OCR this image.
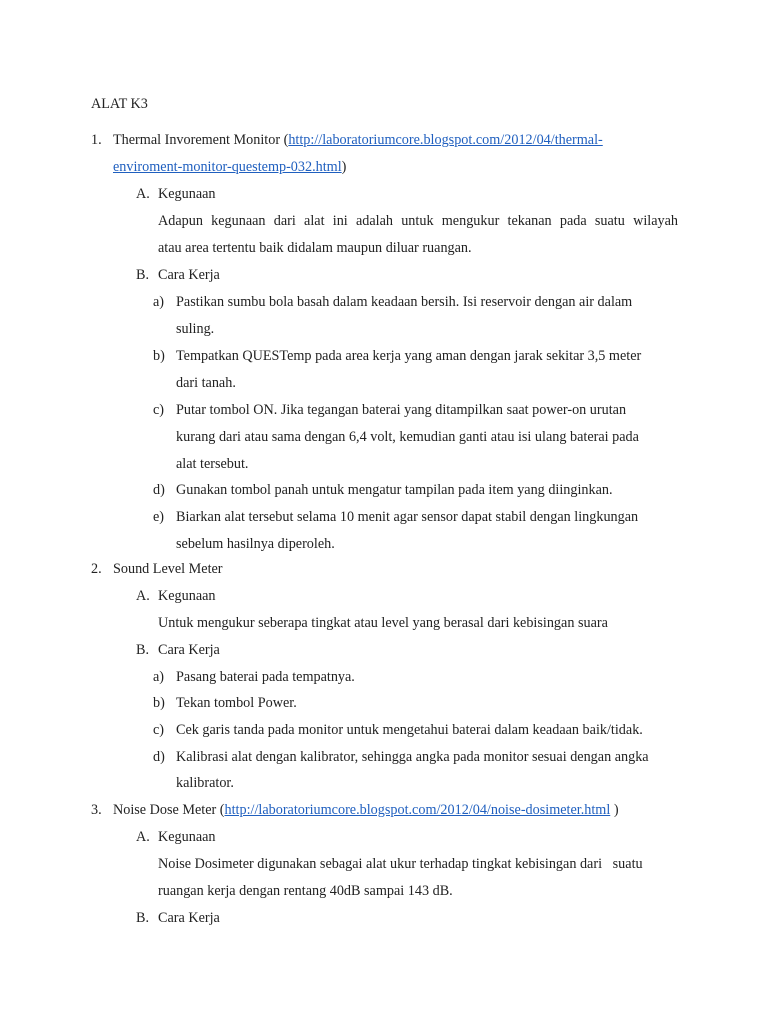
ALAT K3
1. Thermal Invorement Monitor (http://laboratoriumcore.blogspot.com/2012/04/thermal-
enviroment-monitor-questemp-032.html)
A. Kegunaan
Adapun kegunaan dari alat ini adalah untuk mengukur tekanan pada suatu wilayah
atau area tertentu baik didalam maupun diluar ruangan.
B. Cara Kerja
a) Pastikan sumbu bola basah dalam keadaan bersih. Isi reservoir dengan air dalam
suling.
b) Tempatkan QUESTemp pada area kerja yang aman dengan jarak sekitar 3,5 meter
dari tanah.
c) Putar tombol ON. Jika tegangan baterai yang ditampilkan saat power-on urutan
kurang dari atau sama dengan 6,4 volt, kemudian ganti atau isi ulang baterai pada
alat tersebut.
d) Gunakan tombol panah untuk mengatur tampilan pada item yang diinginkan.
e) Biarkan alat tersebut selama 10 menit agar sensor dapat stabil dengan lingkungan
sebelum hasilnya diperoleh.
2. Sound Level Meter
A. Kegunaan
Untuk mengukur seberapa tingkat atau level yang berasal dari kebisingan suara
B. Cara Kerja
a) Pasang baterai pada tempatnya.
b) Tekan tombol Power.
c) Cek garis tanda pada monitor untuk mengetahui baterai dalam keadaan baik/tidak.
d) Kalibrasi alat dengan kalibrator, sehingga angka pada monitor sesuai dengan angka
kalibrator.
3. Noise Dose Meter (http://laboratoriumcore.blogspot.com/2012/04/noise-dosimeter.html )
A. Kegunaan
Noise Dosimeter digunakan sebagai alat ukur terhadap tingkat kebisingan dari   suatu
ruangan kerja dengan rentang 40dB sampai 143 dB.
B. Cara Kerja
